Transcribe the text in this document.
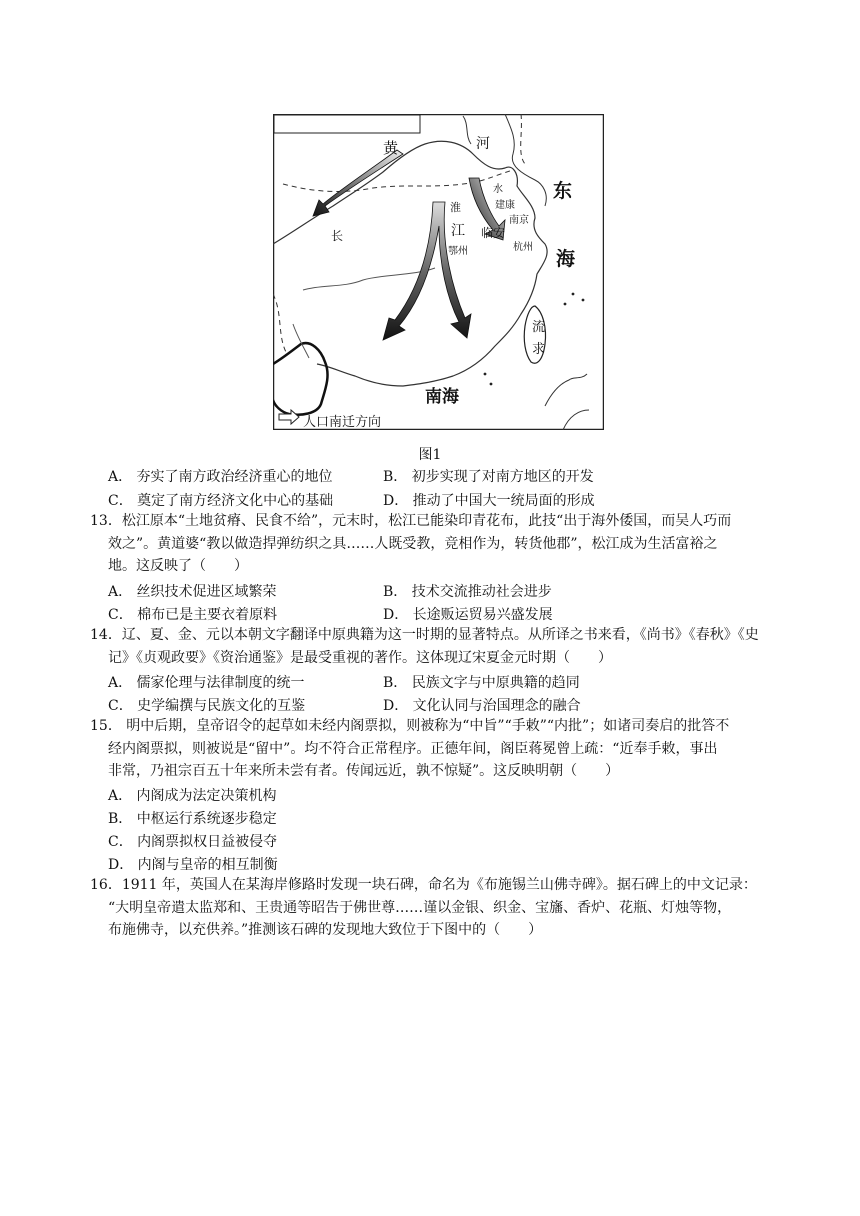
黄	河
东
海
水
淮	建康
南京
江 临安
杭州
鄂州
长
流
求
南海
人口南迁方向
图1
A． 夯实了南方政治经济重心的地位	B． 初步实现了对南方地区的开发
C． 奠定了南方经济文化中心的基础	D． 推动了中国大一统局面的形成
13．松江原本“土地贫瘠、民食不给”，元末时，松江已能染印青花布，此技“出于海外倭国，而吴人巧而
效之”。黄道婆“教以做造捍弹纺织之具……人既受教，竞相作为，转货他郡”，松江成为生活富裕之
地。这反映了（　　）
A． 丝织技术促进区域繁荣	B． 技术交流推动社会进步
C． 棉布已是主要衣着原料	D． 长途贩运贸易兴盛发展
14．辽、夏、金、元以本朝文字翻译中原典籍为这一时期的显著特点。从所译之书来看，《尚书》《春秋》《史
记》《贞观政要》《资治通鉴》是最受重视的著作。这体现辽宋夏金元时期（　　）
A． 儒家伦理与法律制度的统一	B． 民族文字与中原典籍的趋同
C． 史学编撰与民族文化的互鉴	D． 文化认同与治国理念的融合
15． 明中后期，皇帝诏令的起草如未经内阁票拟，则被称为“中旨”“手敕”“内批”；如诸司奏启的批答不
经内阁票拟，则被说是“留中”。均不符合正常程序。正德年间，阁臣蒋冕曾上疏：“近奉手敕，事出
非常，乃祖宗百五十年来所未尝有者。传闻远近，孰不惊疑”。这反映明朝（　　）
A． 内阁成为法定决策机构
B． 中枢运行系统逐步稳定
C． 内阁票拟权日益被侵夺
D． 内阁与皇帝的相互制衡
16．1911 年，英国人在某海岸修路时发现一块石碑，命名为《布施锡兰山佛寺碑》。据石碑上的中文记录：
“大明皇帝遣太监郑和、王贵通等昭告于佛世尊……谨以金银、织金、宝旛、香炉、花瓶、灯烛等物，
布施佛寺，以充供养。”推测该石碑的发现地大致位于下图中的（　　）
